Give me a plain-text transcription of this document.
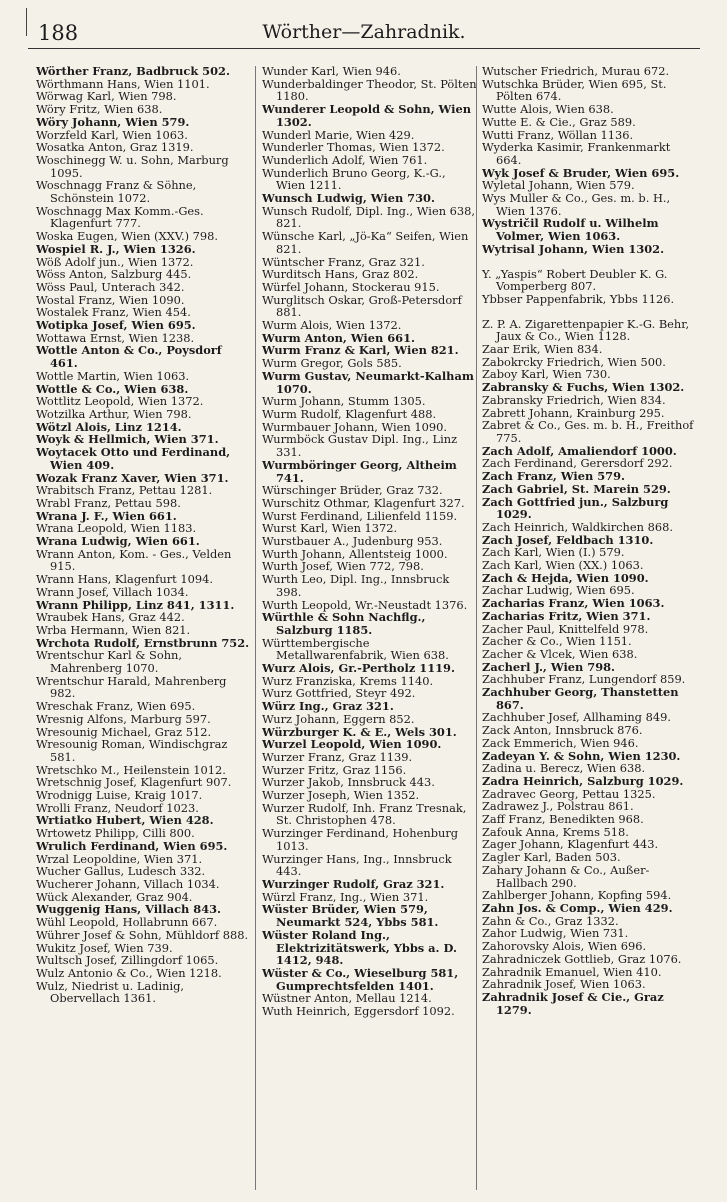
188	Wörther—Zahradnik.
Wörther Franz, Badbruck 502.
Wörthmann Hans, Wien 1101.
Wörwag Karl, Wien 798.
Wöry Fritz, Wien 638.
Wöry Johann, Wien 579.
Worzfeld Karl, Wien 1063.
Wosatka Anton, Graz 1319.
Woschinegg W. u. Sohn, Marburg 1095.
Woschnagg Franz & Söhne, Schönstein 1072.
Woschnagg Max Komm.-Ges. Klagenfurt 777.
Woska Eugen, Wien (XXV.) 798.
Wospiel R. J., Wien 1326.
Wöß Adolf jun., Wien 1372.
Wöss Anton, Salzburg 445.
Wöss Paul, Unterach 342.
Wostal Franz, Wien 1090.
Wostalek Franz, Wien 454.
Wotipka Josef, Wien 695.
Wottawa Ernst, Wien 1238.
Wottle Anton & Co., Poysdorf 461.
Wottle Martin, Wien 1063.
Wottle & Co., Wien 638.
Wottlitz Leopold, Wien 1372.
Wotzilka Arthur, Wien 798.
Wötzl Alois, Linz 1214.
Woyk & Hellmich, Wien 371.
Woytacek Otto und Ferdinand, Wien 409.
Wozak Franz Xaver, Wien 371.
Wrabitsch Franz, Pettau 1281.
Wrabl Franz, Pettau 598.
Wrana J. F., Wien 661.
Wrana Leopold, Wien 1183.
Wrana Ludwig, Wien 661.
Wrann Anton, Kom. - Ges., Velden 915.
Wrann Hans, Klagenfurt 1094.
Wrann Josef, Villach 1034.
Wrann Philipp, Linz 841, 1311.
Wraubek Hans, Graz 442.
Wrba Hermann, Wien 821.
Wrchota Rudolf, Ernstbrunn 752.
Wrentschur Karl & Sohn, Mahrenberg 1070.
Wrentschur Harald, Mahrenberg 982.
Wreschak Franz, Wien 695.
Wresnig Alfons, Marburg 597.
Wresounig Michael, Graz 512.
Wresounig Roman, Windischgraz 581.
Wretschko M., Heilenstein 1012.
Wretschnig Josef, Klagenfurt 907.
Wrodnigg Luise, Kraig 1017.
Wrolli Franz, Neudorf 1023.
Wrtiatko Hubert, Wien 428.
Wrtowetz Philipp, Cilli 800.
Wrulich Ferdinand, Wien 695.
Wrzal Leopoldine, Wien 371.
Wucher Gallus, Ludesch 332.
Wucherer Johann, Villach 1034.
Wück Alexander, Graz 904.
Wuggenig Hans, Villach 843.
Wühl Leopold, Hollabrunn 667.
Wührer Josef & Sohn, Mühldorf 888.
Wukitz Josef, Wien 739.
Wultsch Josef, Zillingdorf 1065.
Wulz Antonio & Co., Wien 1218.
Wulz, Niedrist u. Ladinig, Obervellach 1361.
Wunder Karl, Wien 946.
Wunderbaldinger Theodor, St. Pölten 1180.
Wunderer Leopold & Sohn, Wien 1302.
Wunderl Marie, Wien 429.
Wunderler Thomas, Wien 1372.
Wunderlich Adolf, Wien 761.
Wunderlich Bruno Georg, K.-G., Wien 1211.
Wunsch Ludwig, Wien 730.
Wunsch Rudolf, Dipl. Ing., Wien 638, 821.
Wünsche Karl, „Jö-Ka“ Seifen, Wien 821.
Wüntscher Franz, Graz 321.
Wurditsch Hans, Graz 802.
Würfel Johann, Stockerau 915.
Wurglitsch Oskar, Groß-Petersdorf 881.
Wurm Alois, Wien 1372.
Wurm Anton, Wien 661.
Wurm Franz & Karl, Wien 821.
Wurm Gregor, Gols 585.
Wurm Gustav, Neumarkt-Kalham 1070.
Wurm Johann, Stumm 1305.
Wurm Rudolf, Klagenfurt 488.
Wurmbauer Johann, Wien 1090.
Wurmböck Gustav Dipl. Ing., Linz 331.
Wurmböringer Georg, Altheim 741.
Würschinger Brüder, Graz 732.
Wurschitz Othmar, Klagenfurt 327.
Wurst Ferdinand, Lilienfeld 1159.
Wurst Karl, Wien 1372.
Wurstbauer A., Judenburg 953.
Wurth Johann, Allentsteig 1000.
Wurth Josef, Wien 772, 798.
Wurth Leo, Dipl. Ing., Innsbruck 398.
Wurth Leopold, Wr.-Neustadt 1376.
Würthle & Sohn Nachflg., Salzburg 1185.
Württembergische Metallwarenfabrik, Wien 638.
Wurz Alois, Gr.-Pertholz 1119.
Wurz Franziska, Krems 1140.
Wurz Gottfried, Steyr 492.
Würz Ing., Graz 321.
Wurz Johann, Eggern 852.
Würzburger K. & E., Wels 301.
Wurzel Leopold, Wien 1090.
Wurzer Franz, Graz 1139.
Wurzer Fritz, Graz 1156.
Wurzer Jakob, Innsbruck 443.
Wurzer Joseph, Wien 1352.
Wurzer Rudolf, Inh. Franz Tresnak, St. Christophen 478.
Wurzinger Ferdinand, Hohenburg 1013.
Wurzinger Hans, Ing., Innsbruck 443.
Wurzinger Rudolf, Graz 321.
Würzl Franz, Ing., Wien 371.
Wüster Brüder, Wien 579, Neumarkt 524, Ybbs 581.
Wüster Roland Ing., Elektrizitätswerk, Ybbs a. D. 1412, 948.
Wüster & Co., Wieselburg 581, Gumprechtsfelden 1401.
Wüstner Anton, Mellau 1214.
Wuth Heinrich, Eggersdorf 1092.
Wutscher Friedrich, Murau 672.
Wutschka Brüder, Wien 695, St. Pölten 674.
Wutte Alois, Wien 638.
Wutte E. & Cie., Graz 589.
Wutti Franz, Wöllan 1136.
Wyderka Kasimir, Frankenmarkt 664.
Wyk Josef & Bruder, Wien 695.
Wyletal Johann, Wien 579.
Wys Muller & Co., Ges. m. b. H., Wien 1376.
Wystričil Rudolf u. Wilhelm Volmer, Wien 1063.
Wytrisal Johann, Wien 1302.
Y. „Yaspis“ Robert Deubler K. G. Vomperberg 807.
Ybbser Pappenfabrik, Ybbs 1126.
Z. P. A. Zigarettenpapier K.-G. Behr, Jaux & Co., Wien 1128.
Zaar Erik, Wien 834.
Zabokrcky Friedrich, Wien 500.
Zaboy Karl, Wien 730.
Zabransky & Fuchs, Wien 1302.
Zabransky Friedrich, Wien 834.
Zabrett Johann, Krainburg 295.
Zabret & Co., Ges. m. b. H., Freithof 775.
Zach Adolf, Amaliendorf 1000.
Zach Ferdinand, Gerersdorf 292.
Zach Franz, Wien 579.
Zach Gabriel, St. Marein 529.
Zach Gottfried jun., Salzburg 1029.
Zach Heinrich, Waldkirchen 868.
Zach Josef, Feldbach 1310.
Zach Karl, Wien (I.) 579.
Zach Karl, Wien (XX.) 1063.
Zach & Hejda, Wien 1090.
Zachar Ludwig, Wien 695.
Zacharias Franz, Wien 1063.
Zacharias Fritz, Wien 371.
Zacher Paul, Knittelfeld 978.
Zacher & Co., Wien 1151.
Zacher & Vlcek, Wien 638.
Zacherl J., Wien 798.
Zachhuber Franz, Lungendorf 859.
Zachhuber Georg, Thanstetten 867.
Zachhuber Josef, Allhaming 849.
Zack Anton, Innsbruck 876.
Zack Emmerich, Wien 946.
Zadeyan Y. & Sohn, Wien 1230.
Zadina u. Berecz, Wien 638.
Zadra Heinrich, Salzburg 1029.
Zadravec Georg, Pettau 1325.
Zadrawez J., Polstrau 861.
Zaff Franz, Benedikten 968.
Zafouk Anna, Krems 518.
Zager Johann, Klagenfurt 443.
Zagler Karl, Baden 503.
Zahary Johann & Co., Außer-Hallbach 290.
Zahlberger Johann, Kopfing 594.
Zahn Jos. & Comp., Wien 429.
Zahn & Co., Graz 1332.
Zahor Ludwig, Wien 731.
Zahorovsky Alois, Wien 696.
Zahradniczek Gottlieb, Graz 1076.
Zahradnik Emanuel, Wien 410.
Zahradnik Josef, Wien 1063.
Zahradnik Josef & Cie., Graz 1279.
